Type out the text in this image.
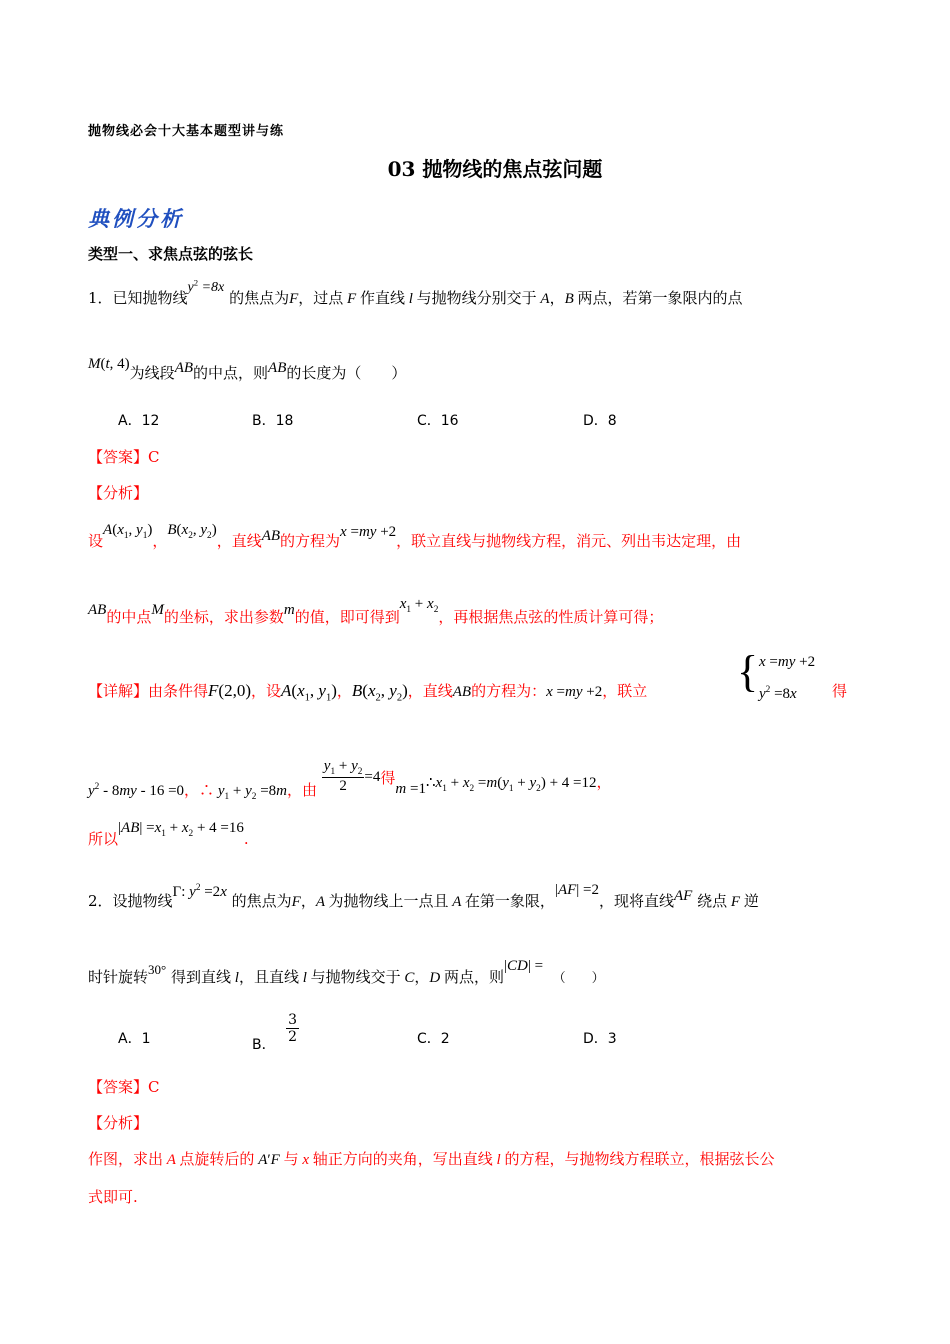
抛物线必会十大基本题型讲与练
03 抛物线的焦点弦问题
典例分析
类型一、求焦点弦的弦长
1．已知抛物线$y^2 =8x$ 的焦点为F，过点 F 作直线 l 与抛物线分别交于 A，B 两点，若第一象限内的点
M(t, 4)为线段AB的中点，则AB的长度为（　　）
A．12	B．18	C．16	D．8
【答案】C
【分析】
设$A(x_1$, $y_1$)，$B(x_2$, $y_2$)，直线AB的方程为x =my +2，联立直线与抛物线方程，消元、列出韦达定理，由
AB的中点M的坐标，求出参数m的值，即可得到$x_1 + x_2$，再根据焦点弦的性质计算可得；
【详解】由条件得F(2,0)，设$A(x_1$, $y_1$)，$B(x_2$, $y_2$)，直线AB的方程为：x =my +2，联立 { x =my +2
$y^2 =8x$	得
$y^2 - 8my - 16 =0$，∴ $y_1 + y_2 =8m$，由 $\frac{y_1 + y_2}{2} =4$得$m =1\therefore x_1 + x_2 =m(y_1 + y_2) + 4 =12$，
所以$|AB| =x_1 + x_2 + 4 =16$.
2．设抛物线Γ: $y^2 =2x$ 的焦点为F，A 为抛物线上一点且 A 在第一象限，|AF| =2，现将直线AF 绕点 F 逆
时针旋转30° 得到直线 l，且直线 l 与抛物线交于 C，D 两点，则|CD| =  （　　）
A．1	B． $\frac{3}{2}$	C．2	D．3
【答案】C
【分析】
作图，求出 A 点旋转后的 A′F 与 x 轴正方向的夹角，写出直线 l 的方程，与抛物线方程联立，根据弦长公
式即可.
